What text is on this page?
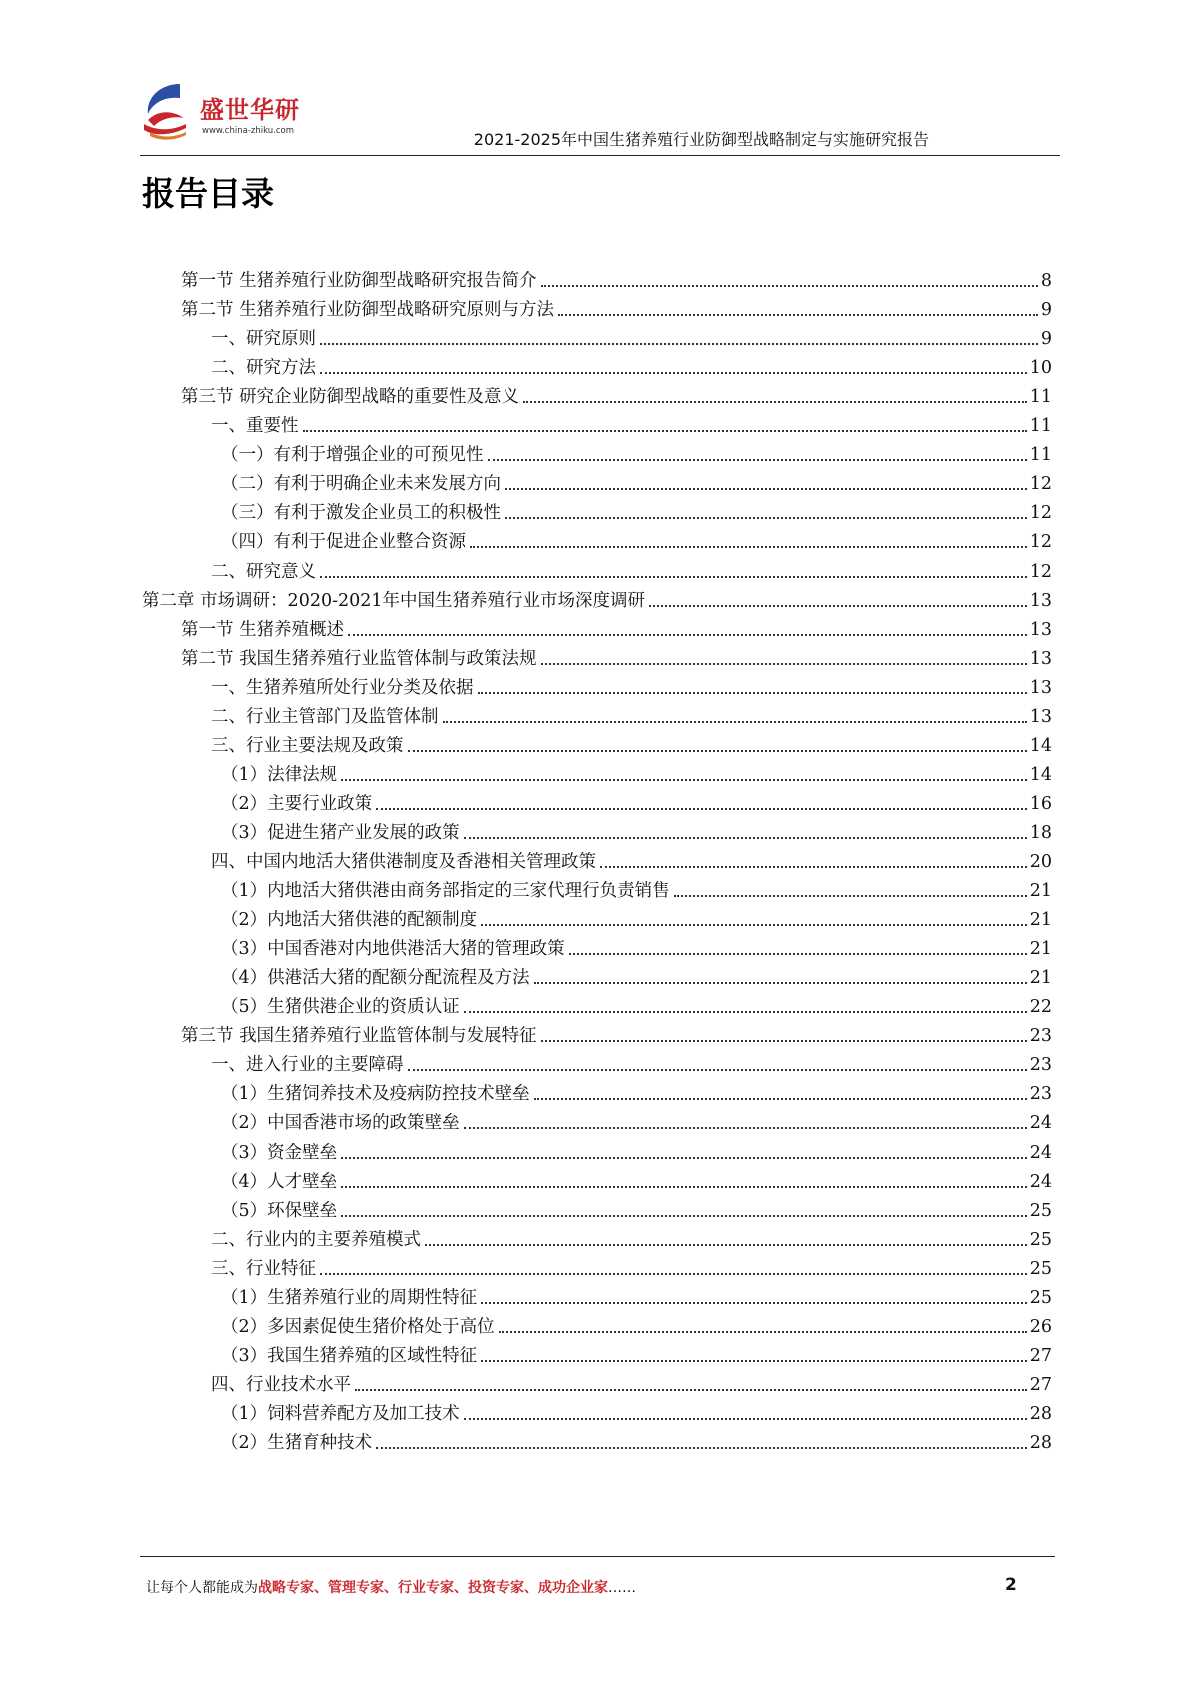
盛世华研
www.china-zhiku.com	2021-2025年中国生猪养殖行业防御型战略制定与实施研究报告
报告目录
第一节 生猪养殖行业防御型战略研究报告简介	8
第二节 生猪养殖行业防御型战略研究原则与方法	9
一、研究原则	9
二、研究方法	10
第三节 研究企业防御型战略的重要性及意义	11
一、重要性	11
（一）有利于增强企业的可预见性	11
（二）有利于明确企业未来发展方向	12
（三）有利于激发企业员工的积极性	12
（四）有利于促进企业整合资源	12
二、研究意义	12
第二章 市场调研：2020-2021年中国生猪养殖行业市场深度调研	13
第一节 生猪养殖概述	13
第二节 我国生猪养殖行业监管体制与政策法规	13
一、生猪养殖所处行业分类及依据	13
二、行业主管部门及监管体制	13
三、行业主要法规及政策	14
（1）法律法规	14
（2）主要行业政策	16
（3）促进生猪产业发展的政策	18
四、中国内地活大猪供港制度及香港相关管理政策	20
（1）内地活大猪供港由商务部指定的三家代理行负责销售	21
（2）内地活大猪供港的配额制度	21
（3）中国香港对内地供港活大猪的管理政策	21
（4）供港活大猪的配额分配流程及方法	21
（5）生猪供港企业的资质认证	22
第三节 我国生猪养殖行业监管体制与发展特征	23
一、进入行业的主要障碍	23
（1）生猪饲养技术及疫病防控技术壁垒	23
（2）中国香港市场的政策壁垒	24
（3）资金壁垒	24
（4）人才壁垒	24
（5）环保壁垒	25
二、行业内的主要养殖模式	25
三、行业特征	25
（1）生猪养殖行业的周期性特征	25
（2）多因素促使生猪价格处于高位	26
（3）我国生猪养殖的区域性特征	27
四、行业技术水平	27
（1）饲料营养配方及加工技术	28
（2）生猪育种技术	28
让每个人都能成为战略专家、管理专家、行业专家、投资专家、成功企业家……	2
